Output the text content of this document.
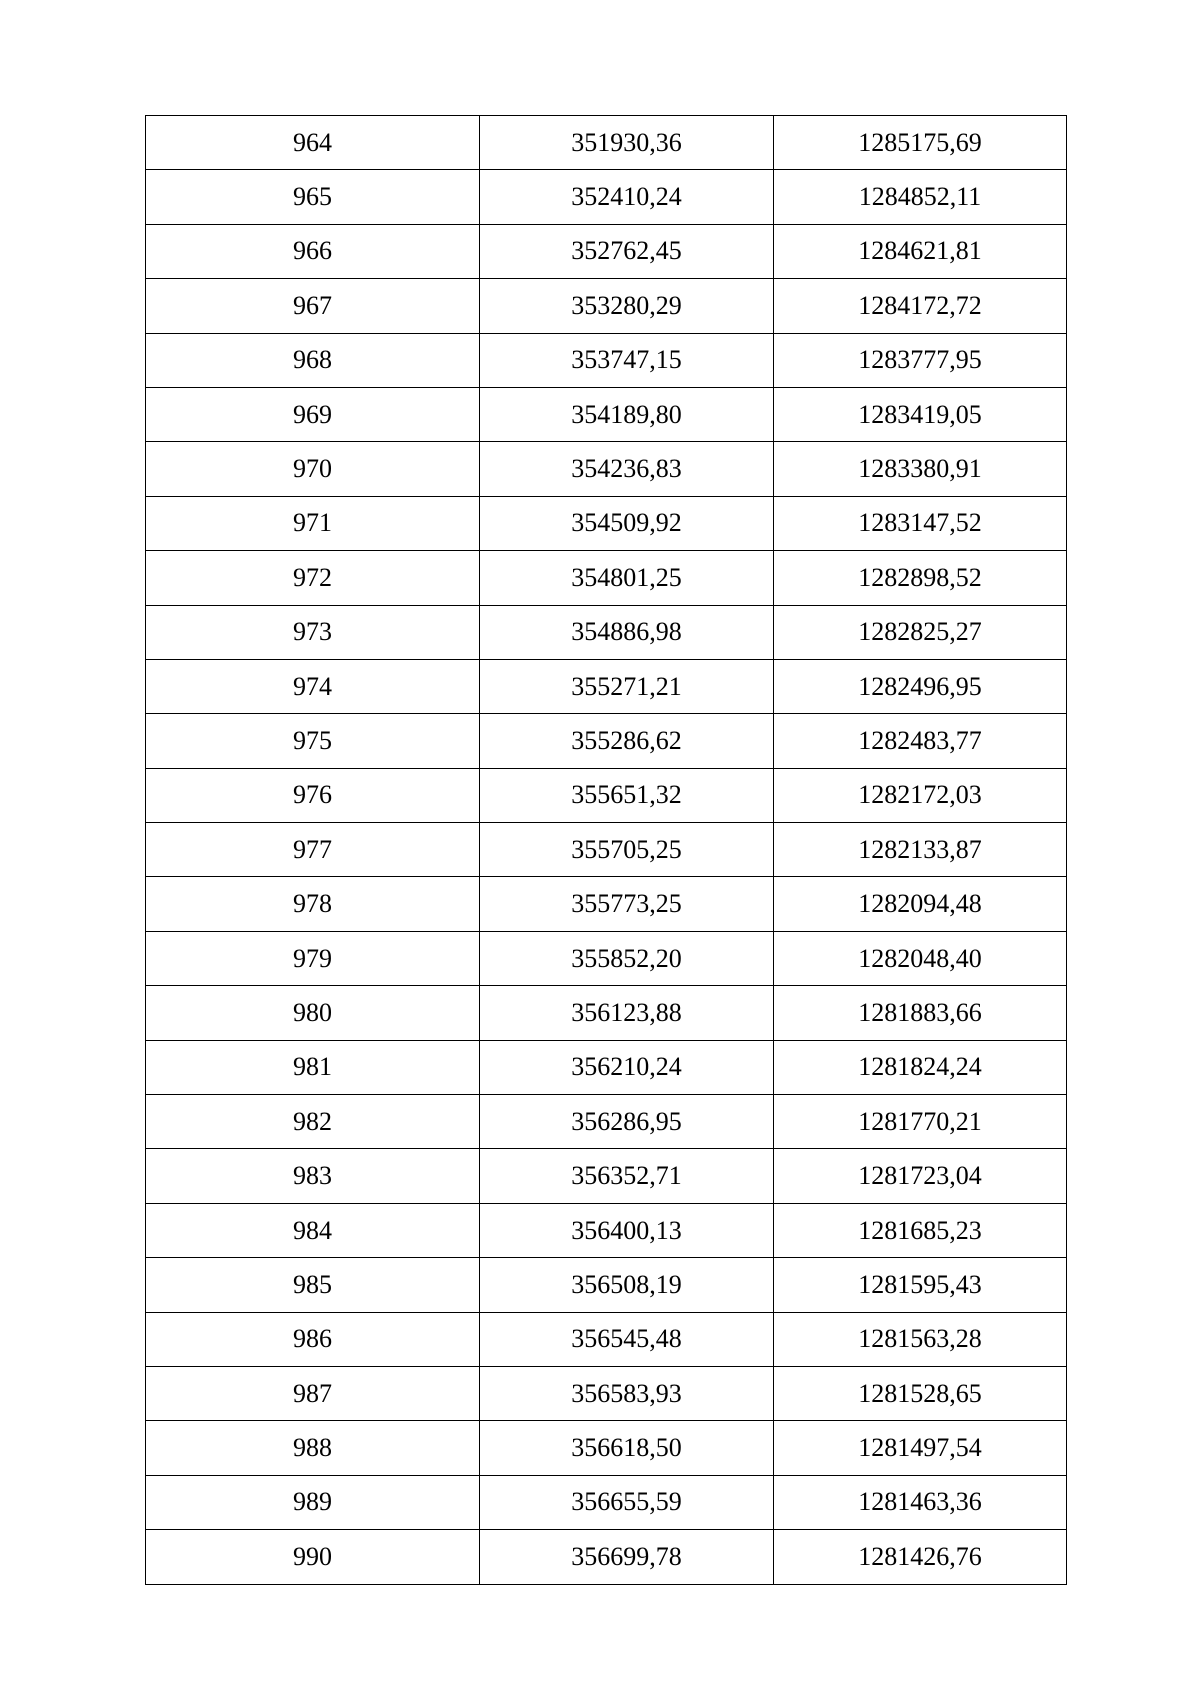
964	351930,36	1285175,69
965	352410,24	1284852,11
966	352762,45	1284621,81
967	353280,29	1284172,72
968	353747,15	1283777,95
969	354189,80	1283419,05
970	354236,83	1283380,91
971	354509,92	1283147,52
972	354801,25	1282898,52
973	354886,98	1282825,27
974	355271,21	1282496,95
975	355286,62	1282483,77
976	355651,32	1282172,03
977	355705,25	1282133,87
978	355773,25	1282094,48
979	355852,20	1282048,40
980	356123,88	1281883,66
981	356210,24	1281824,24
982	356286,95	1281770,21
983	356352,71	1281723,04
984	356400,13	1281685,23
985	356508,19	1281595,43
986	356545,48	1281563,28
987	356583,93	1281528,65
988	356618,50	1281497,54
989	356655,59	1281463,36
990	356699,78	1281426,76
